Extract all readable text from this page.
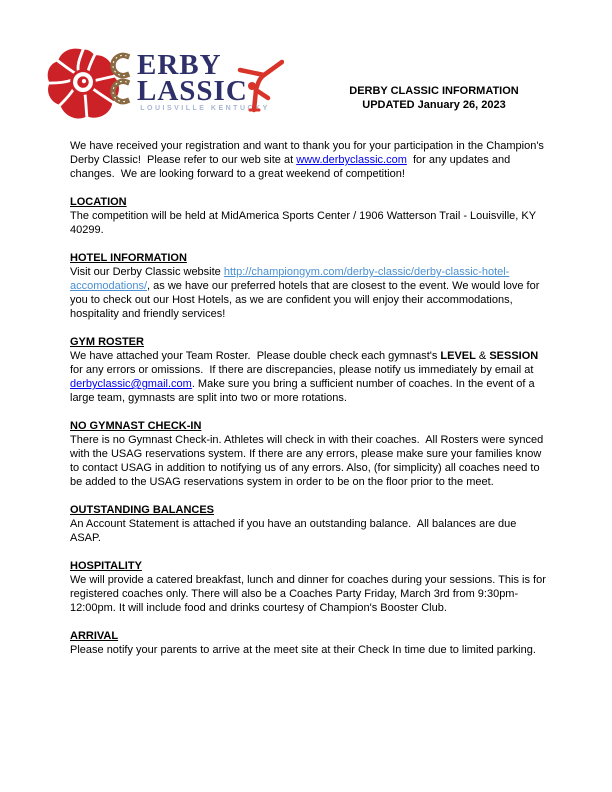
ERBY
LASSIC
LOUISVILLE KENTUCKY
DERBY CLASSIC INFORMATION
UPDATED January 26, 2023

We have received your registration and want to thank you for your participation in the Champion's Derby Classic!  Please refer to our web site at www.derbyclassic.com  for any updates and changes.  We are looking forward to a great weekend of competition!

LOCATION
The competition will be held at MidAmerica Sports Center / 1906 Watterson Trail - Louisville, KY 40299.
HOTEL INFORMATION
Visit our Derby Classic website http://championgym.com/derby-classic/derby-classic-hotel-accomodations/, as we have our preferred hotels that are closest to the event. We would love for you to check out our Host Hotels, as we are confident you will enjoy their accommodations, hospitality and friendly services!
GYM ROSTER
We have attached your Team Roster.  Please double check each gymnast's LEVEL & SESSION for any errors or omissions.  If there are discrepancies, please notify us immediately by email at derbyclassic@gmail.com. Make sure you bring a sufficient number of coaches. In the event of a large team, gymnasts are split into two or more rotations.
NO GYMNAST CHECK-IN
There is no Gymnast Check-in. Athletes will check in with their coaches.  All Rosters were synced with the USAG reservations system. If there are any errors, please make sure your families know to contact USAG in addition to notifying us of any errors. Also, (for simplicity) all coaches need to be added to the USAG reservations system in order to be on the floor prior to the meet.
OUTSTANDING BALANCES
An Account Statement is attached if you have an outstanding balance.  All balances are due ASAP.
HOSPITALITY
We will provide a catered breakfast, lunch and dinner for coaches during your sessions. This is for registered coaches only. There will also be a Coaches Party Friday, March 3rd from 9:30pm-12:00pm. It will include food and drinks courtesy of Champion's Booster Club.
ARRIVAL
Please notify your parents to arrive at the meet site at their Check In time due to limited parking.
